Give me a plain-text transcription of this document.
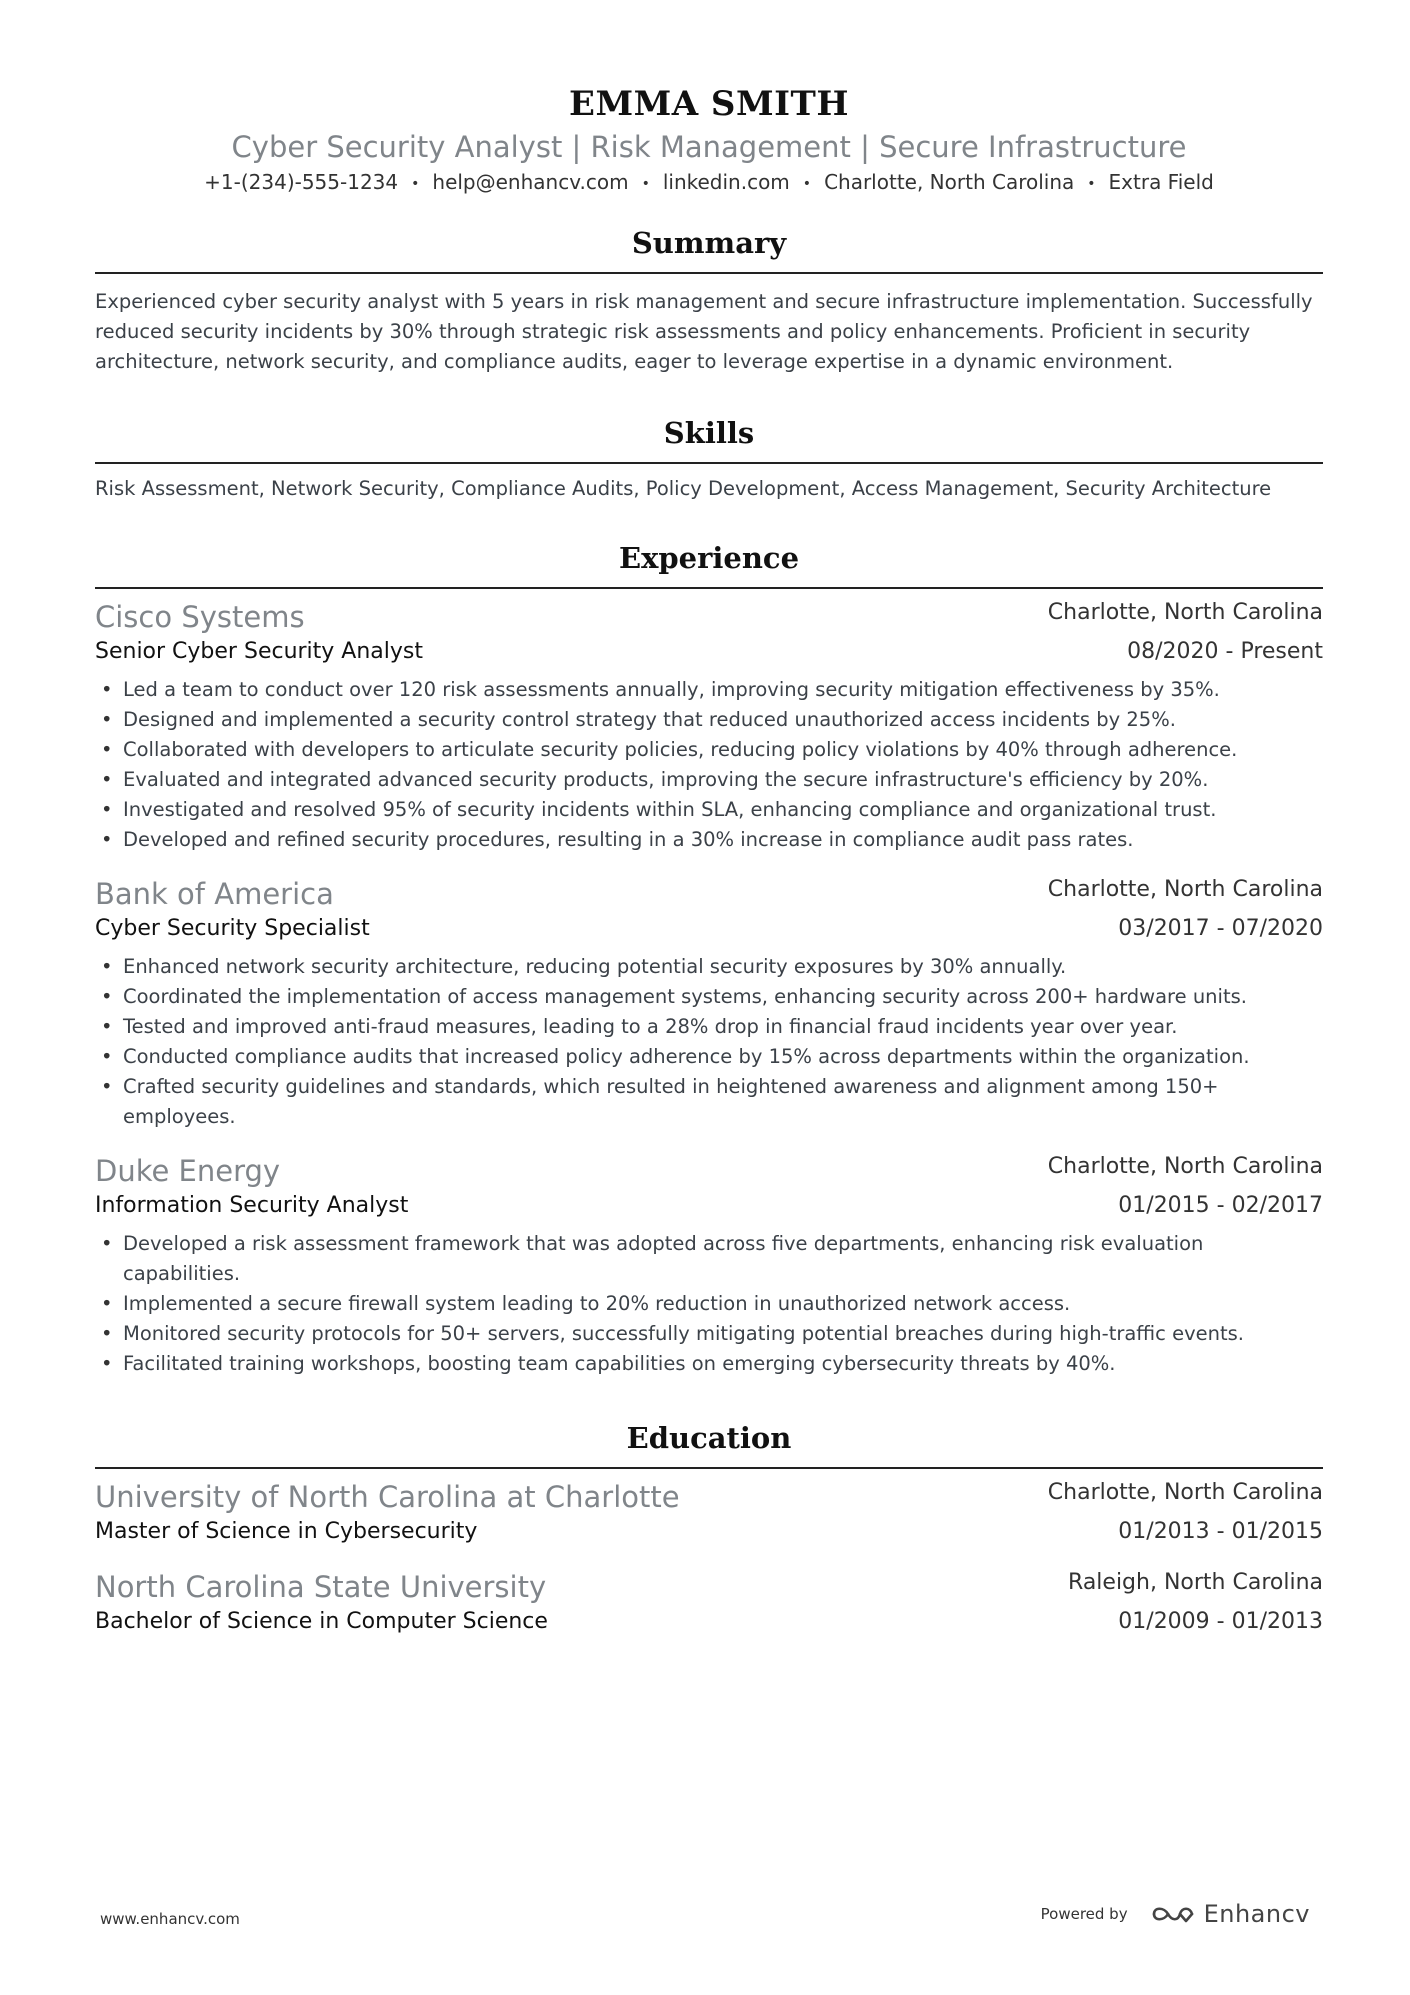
EMMA SMITH
Cyber Security Analyst | Risk Management | Secure Infrastructure
+1-(234)-555-1234 • help@enhancv.com • linkedin.com • Charlotte, North Carolina • Extra Field
Summary
Experienced cyber security analyst with 5 years in risk management and secure infrastructure implementation. Successfully reduced security incidents by 30% through strategic risk assessments and policy enhancements. Proficient in security architecture, network security, and compliance audits, eager to leverage expertise in a dynamic environment.
Skills
Risk Assessment, Network Security, Compliance Audits, Policy Development, Access Management, Security Architecture
Experience
Cisco Systems	Charlotte, North Carolina
Senior Cyber Security Analyst	08/2020 - Present
• Led a team to conduct over 120 risk assessments annually, improving security mitigation effectiveness by 35%.
• Designed and implemented a security control strategy that reduced unauthorized access incidents by 25%.
• Collaborated with developers to articulate security policies, reducing policy violations by 40% through adherence.
• Evaluated and integrated advanced security products, improving the secure infrastructure's efficiency by 20%.
• Investigated and resolved 95% of security incidents within SLA, enhancing compliance and organizational trust.
• Developed and refined security procedures, resulting in a 30% increase in compliance audit pass rates.
Bank of America	Charlotte, North Carolina
Cyber Security Specialist	03/2017 - 07/2020
• Enhanced network security architecture, reducing potential security exposures by 30% annually.
• Coordinated the implementation of access management systems, enhancing security across 200+ hardware units.
• Tested and improved anti-fraud measures, leading to a 28% drop in financial fraud incidents year over year.
• Conducted compliance audits that increased policy adherence by 15% across departments within the organization.
• Crafted security guidelines and standards, which resulted in heightened awareness and alignment among 150+ employees.
Duke Energy	Charlotte, North Carolina
Information Security Analyst	01/2015 - 02/2017
• Developed a risk assessment framework that was adopted across five departments, enhancing risk evaluation capabilities.
• Implemented a secure firewall system leading to 20% reduction in unauthorized network access.
• Monitored security protocols for 50+ servers, successfully mitigating potential breaches during high-traffic events.
• Facilitated training workshops, boosting team capabilities on emerging cybersecurity threats by 40%.
Education
University of North Carolina at Charlotte	Charlotte, North Carolina
Master of Science in Cybersecurity	01/2013 - 01/2015
North Carolina State University	Raleigh, North Carolina
Bachelor of Science in Computer Science	01/2009 - 01/2013
www.enhancv.com	Powered by	Enhancv
